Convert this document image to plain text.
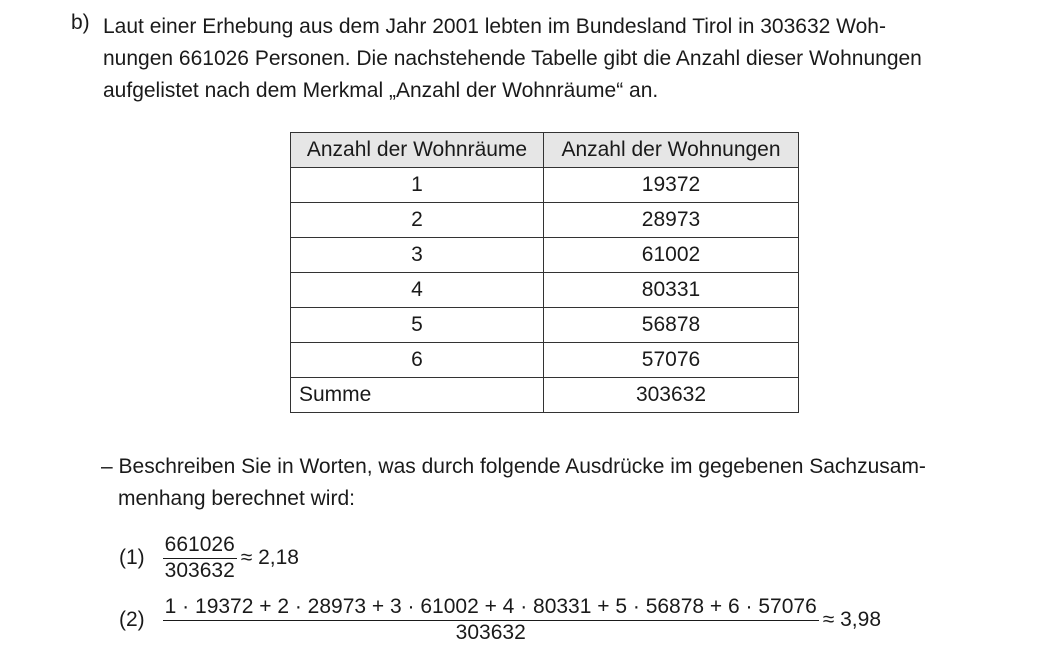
b) Laut einer Erhebung aus dem Jahr 2001 lebten im Bundesland Tirol in 303632 Woh-
nungen 661026 Personen. Die nachstehende Tabelle gibt die Anzahl dieser Wohnungen
aufgelistet nach dem Merkmal „Anzahl der Wohnräume“ an.
Anzahl der Wohnräume	Anzahl der Wohnungen
1	19372
2	28973
3	61002
4	80331
5	56878
6	57076
Summe	303632
– Beschreiben Sie in Worten, was durch folgende Ausdrücke im gegebenen Sachzusam-
menhang berechnet wird:
$(1) \frac{661026}{303632} \approx 2,18$
(2)
1 · 19372 + 2 · 28973 + 3 · 61002 + 4 · 80331 + 5 · 56878 + 6 · 57076
303632
≈ 3,98
